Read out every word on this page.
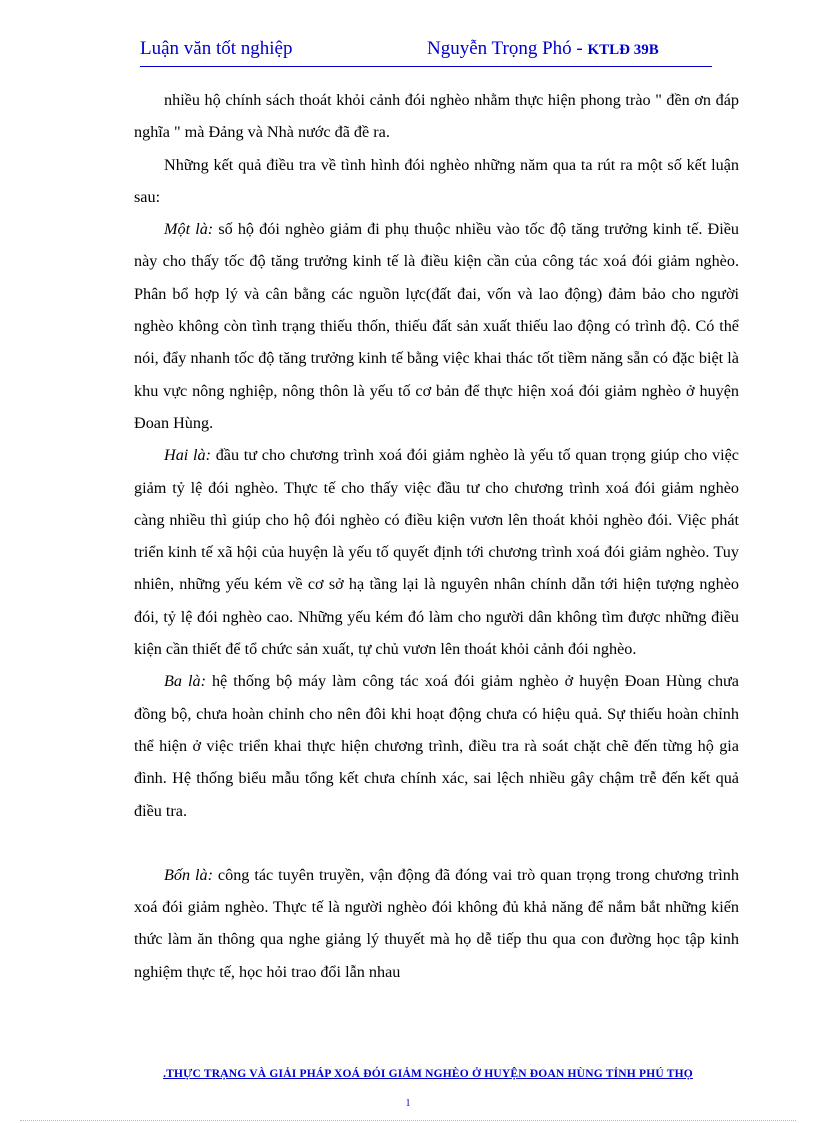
Luận văn tốt nghiệp	Nguyễn Trọng Phó - KTLĐ 39B

nhiều hộ chính sách thoát khỏi cảnh đói nghèo nhằm thực hiện phong trào " đền ơn đáp nghĩa " mà Đảng và Nhà nước đã đề ra.

Những kết quả điều tra về tình hình đói nghèo những năm qua ta rút ra một số kết luận sau:

Một là: số hộ đói nghèo giảm đi phụ thuộc nhiều vào tốc độ tăng trưởng kinh tế. Điều này cho thấy tốc độ tăng trưởng kinh tế là điều kiện cần của công tác xoá đói giảm nghèo. Phân bổ hợp lý và cân bằng các nguồn lực(đất đai, vốn và lao động) đảm bảo cho người nghèo không còn tình trạng thiếu thốn, thiếu đất sản xuất thiếu lao động có trình độ. Có thể nói, đẩy nhanh tốc độ tăng trưởng kinh tế bằng việc khai thác tốt tiềm năng sẵn có đặc biệt là khu vực nông nghiệp, nông thôn là yếu tố cơ bản để thực hiện xoá đói giảm nghèo ở huyện Đoan Hùng.

Hai là: đầu tư cho chương trình xoá đói giảm nghèo là yếu tố quan trọng giúp cho việc giảm tỷ lệ đói nghèo. Thực tế cho thấy việc đầu tư cho chương trình xoá đói giảm nghèo càng nhiều thì giúp cho hộ đói nghèo có điều kiện vươn lên thoát khỏi nghèo đói. Việc phát triển kinh tế xã hội của huyện là yếu tố quyết định tới chương trình xoá đói giảm nghèo. Tuy nhiên, những yếu kém về cơ sở hạ tầng lại là nguyên nhân chính dẫn tới hiện tượng nghèo đói, tỷ lệ đói nghèo cao. Những yếu kém đó làm cho người dân không tìm được những điều kiện cần thiết để tổ chức sản xuất, tự chủ vươn lên thoát khỏi cảnh đói nghèo.

Ba là: hệ thống bộ máy làm công tác xoá đói giảm nghèo ở huyện Đoan Hùng chưa đồng bộ, chưa hoàn chỉnh cho nên đôi khi hoạt động chưa có hiệu quả. Sự thiếu hoàn chỉnh thể hiện ở việc triển khai thực hiện chương trình, điều tra rà soát chặt chẽ đến từng hộ gia đình. Hệ thống biểu mẫu tổng kết chưa chính xác, sai lệch nhiều gây chậm trễ đến kết quả điều tra.

Bốn là: công tác tuyên truyền, vận động đã đóng vai trò quan trọng trong chương trình xoá đói giảm nghèo. Thực tế là người nghèo đói không đủ khả năng để nắm bắt những kiến thức làm ăn thông qua nghe giảng lý thuyết mà họ dễ tiếp thu qua con đường học tập kinh nghiệm thực tế, học hỏi trao đổi lẫn nhau

.THỰC TRẠNG VÀ GIẢI PHÁP XOÁ ĐÓI GIẢM NGHÈO Ở HUYỆN ĐOAN HÙNG TỈNH PHÚ THỌ
1
